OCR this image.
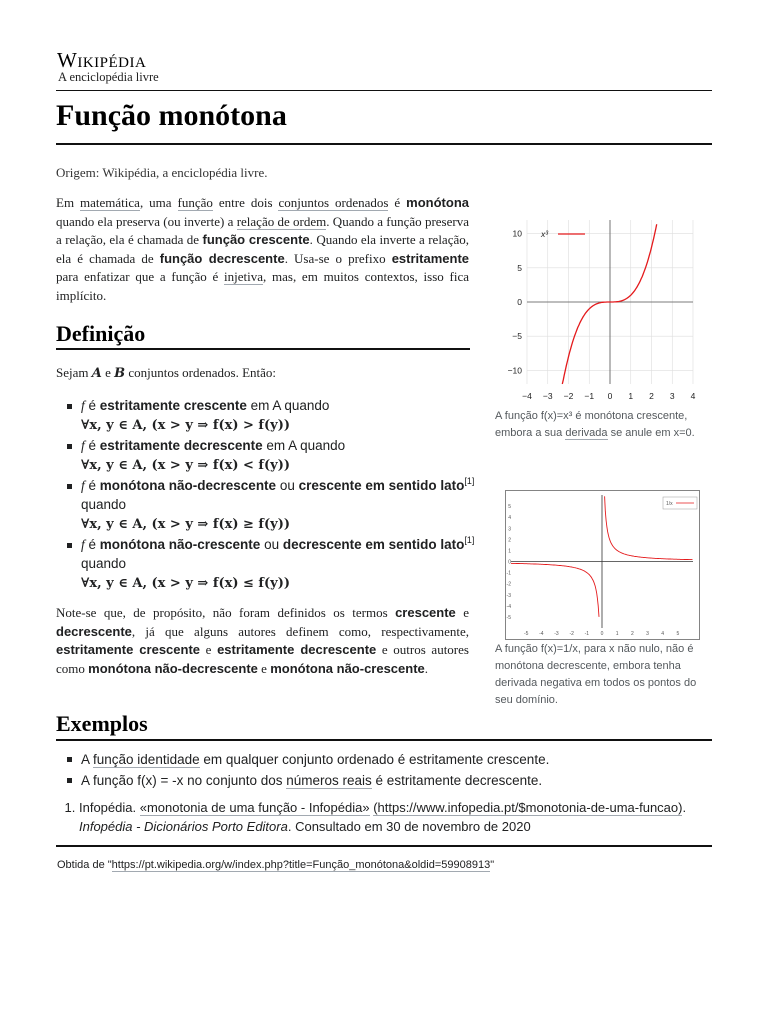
Wikipédia
A enciclopédia livre
Função monótona
Origem: Wikipédia, a enciclopédia livre.
Em matemática, uma função entre dois conjuntos ordenados é monótona quando ela preserva (ou inverte) a relação de ordem. Quando a função preserva a relação, ela é chamada de função crescente. Quando ela inverte a relação, ela é chamada de função decrescente. Usa-se o prefixo estritamente para enfatizar que a função é injetiva, mas, em muitos contextos, isso fica implícito.
10
5
0
−5
−10
−4 −3 −2 −1 0 1 2 3 4
x³
A função f(x)=x³ é monótona crescente, embora a sua derivada se anule em x=0.
5
4
3
2
1
0
-1
-2
-3
-4
-5
-5 -4 -3 -2 -1 0 1 2 3 4 5
1/x
A função f(x)=1/x, para x não nulo, não é monótona decrescente, embora tenha derivada negativa em todos os pontos do seu domínio.
Definição
Sejam A e B conjuntos ordenados. Então:
f é estritamente crescente em A quando
∀x, y ∈ A, (x > y ⇒ f(x) > f(y))
f é estritamente decrescente em A quando
∀x, y ∈ A, (x > y ⇒ f(x) < f(y))
f é monótona não-decrescente ou crescente em sentido lato[1] quando
∀x, y ∈ A, (x > y ⇒ f(x) ≥ f(y))
f é monótona não-crescente ou decrescente em sentido lato[1] quando
∀x, y ∈ A, (x > y ⇒ f(x) ≤ f(y))
Note-se que, de propósito, não foram definidos os termos crescente e decrescente, já que alguns autores definem como, respectivamente, estritamente crescente e estritamente decrescente e outros autores como monótona não-decrescente e monótona não-crescente.
Exemplos
A função identidade em qualquer conjunto ordenado é estritamente crescente.
A função f(x) = -x no conjunto dos números reais é estritamente decrescente.
1. Infopédia. «monotonia de uma função - Infopédia» (https://www.infopedia.pt/$monotonia-de-uma-funcao). Infopédia - Dicionários Porto Editora. Consultado em 30 de novembro de 2020
Obtida de "https://pt.wikipedia.org/w/index.php?title=Função_monótona&oldid=59908913"
